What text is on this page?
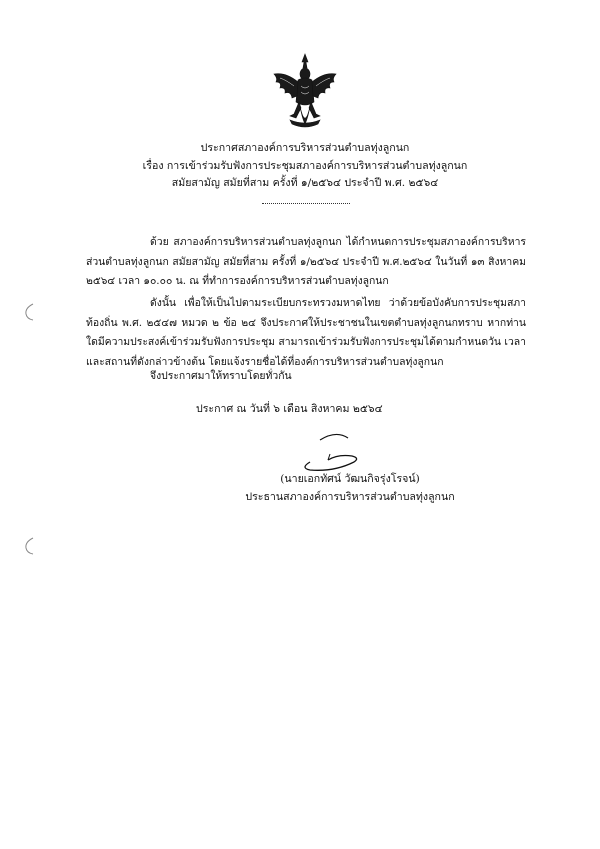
ประกาศสภาองค์การบริหารส่วนตำบลทุ่งลูกนก
เรื่อง การเข้าร่วมรับฟังการประชุมสภาองค์การบริหารส่วนตำบลทุ่งลูกนก
สมัยสามัญ สมัยที่สาม ครั้งที่ ๑/๒๕๖๔ ประจำปี พ.ศ. ๒๕๖๔
ด้วย สภาองค์การบริหารส่วนตำบลทุ่งลูกนก ได้กำหนดการประชุมสภาองค์การบริหารส่วนตำบลทุ่งลูกนก สมัยสามัญ สมัยที่สาม ครั้งที่ ๑/๒๕๖๔ ประจำปี พ.ศ.๒๕๖๔ ในวันที่ ๑๓ สิงหาคม ๒๕๖๔ เวลา ๑๐.๐๐ น. ณ ที่ทำการองค์การบริหารส่วนตำบลทุ่งลูกนก
ดังนั้น เพื่อให้เป็นไปตามระเบียบกระทรวงมหาดไทย ว่าด้วยข้อบังคับการประชุมสภาท้องถิ่น พ.ศ. ๒๕๔๗ หมวด ๒ ข้อ ๒๔ จึงประกาศให้ประชาชนในเขตตำบลทุ่งลูกนกทราบ หากท่านใดมีความประสงค์เข้าร่วมรับฟังการประชุม สามารถเข้าร่วมรับฟังการประชุมได้ตามกำหนดวัน เวลา และสถานที่ดังกล่าวข้างต้น โดยแจ้งรายชื่อได้ที่องค์การบริหารส่วนตำบลทุ่งลูกนก
จึงประกาศมาให้ทราบโดยทั่วกัน
ประกาศ ณ วันที่ ๖ เดือน สิงหาคม ๒๕๖๔
(นายเอกทัศน์ วัฒนกิจรุ่งโรจน์)
ประธานสภาองค์การบริหารส่วนตำบลทุ่งลูกนก
